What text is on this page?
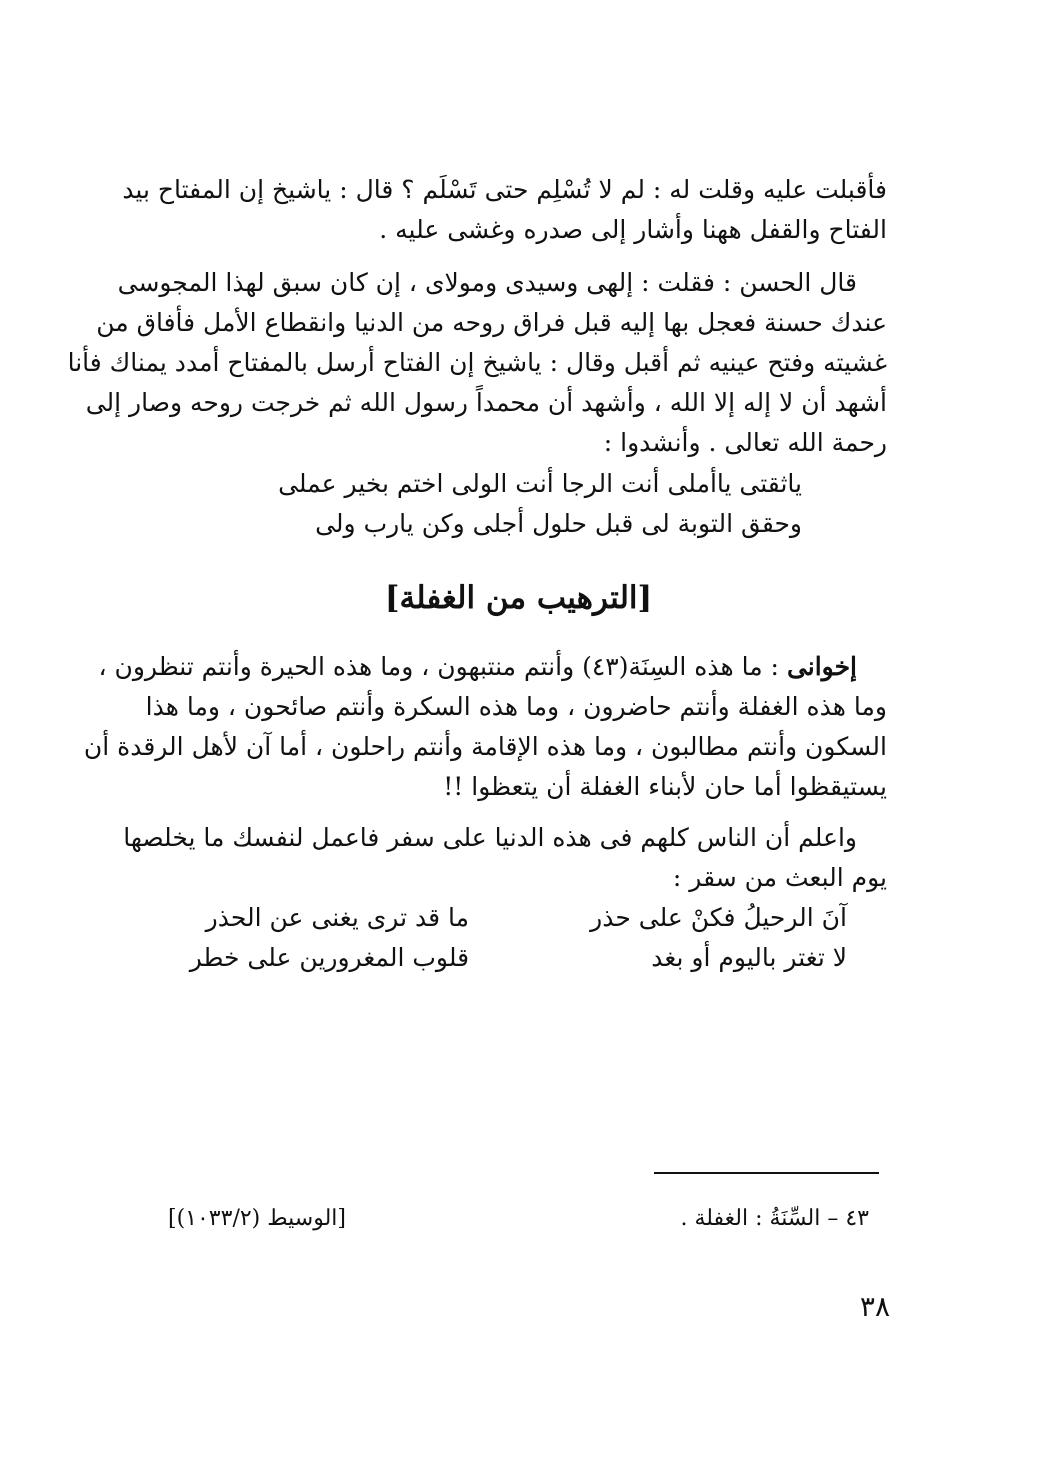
فأقبلت عليه وقلت له : لم لا تُسْلِم حتى تَسْلَم ؟ قال : ياشيخ إن المفتاح بيد
الفتاح والقفل ههنا وأشار إلى صدره وغشى عليه .
قال الحسن : فقلت : إلهى وسيدى ومولاى ، إن كان سبق لهذا المجوسى
عندك حسنة فعجل بها إليه قبل فراق روحه من الدنيا وانقطاع الأمل فأفاق من
غشيته وفتح عينيه ثم أقبل وقال : ياشيخ إن الفتاح أرسل بالمفتاح أمدد يمناك فأنا
أشهد أن لا إله إلا الله ، وأشهد أن محمداً رسول الله ثم خرجت روحه وصار إلى
رحمة الله تعالى . وأنشدوا :
ياثقتى ياأملى أنت الرجا أنت الولى اختم بخير عملى
وحقق التوبة لى قبل حلول أجلى وكن يارب ولى
[الترهيب من الغفلة]
إخوانى : ما هذه السِنَة(٤٣) وأنتم منتبهون ، وما هذه الحيرة وأنتم تنظرون ،
وما هذه الغفلة وأنتم حاضرون ، وما هذه السكرة وأنتم صائحون ، وما هذا
السكون وأنتم مطالبون ، وما هذه الإقامة وأنتم راحلون ، أما آن لأهل الرقدة أن
يستيقظوا أما حان لأبناء الغفلة أن يتعظوا !!
واعلم أن الناس كلهم فى هذه الدنيا على سفر فاعمل لنفسك ما يخلصها
يوم البعث من سقر :
آنَ الرحيلُ فكنْ على حذر ما قد ترى يغنى عن الحذر
لا تغتر باليوم أو بغد قلوب المغرورين على خطر
٤٣ – السِّنَةُ : الغفلة .
[الوسيط (١٠٣٣/٢)]
٣٨
